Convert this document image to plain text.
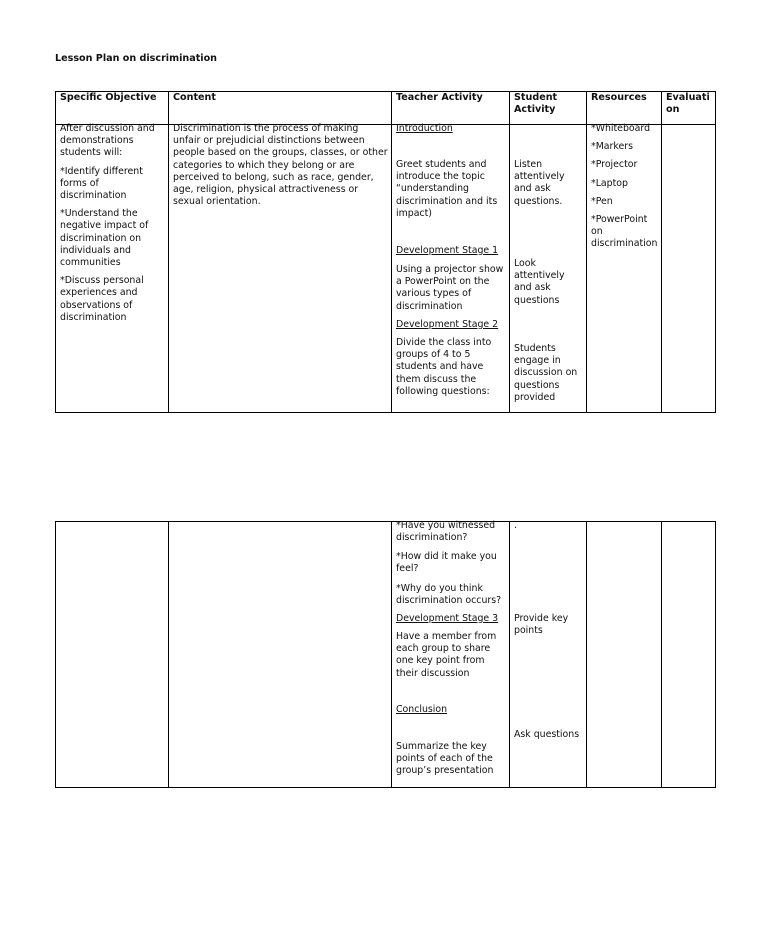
Lesson Plan on discrimination
Specific Objective

After discussion and demonstrations students will:

*Identify different forms of discrimination

*Understand the negative impact of discrimination on individuals and communities

*Discuss personal experiences and observations of discrimination

Content
Discrimination is the process of making unfair or prejudicial distinctions between people based on the groups, classes, or other categories to which they belong or are perceived to belong, such as race, gender, age, religion, physical attractiveness or sexual orientation.
Teacher Activity
Introduction
Greet students and introduce the topic “understanding discrimination and its impact)
Development Stage 1
Using a projector show a PowerPoint on the various types of discrimination
Development Stage 2
Divide the class into groups of 4 to 5 students and have them discuss the following questions:
Student
Activity
Listen attentively and ask questions.
Look attentively and ask questions
Students engage in discussion on questions provided
Resources

*Whiteboard

*Markers

*Projector

*Laptop

*Pen

*PowerPoint on discrimination

Evaluati
on
*Have you witnessed discrimination?
*How did it make you feel?
*Why do you think discrimination occurs?
Development Stage 3
Have a member from each group to share one key point from their discussion
Conclusion
Summarize the key points of each of the group’s presentation
.
Provide key points
Ask questions
